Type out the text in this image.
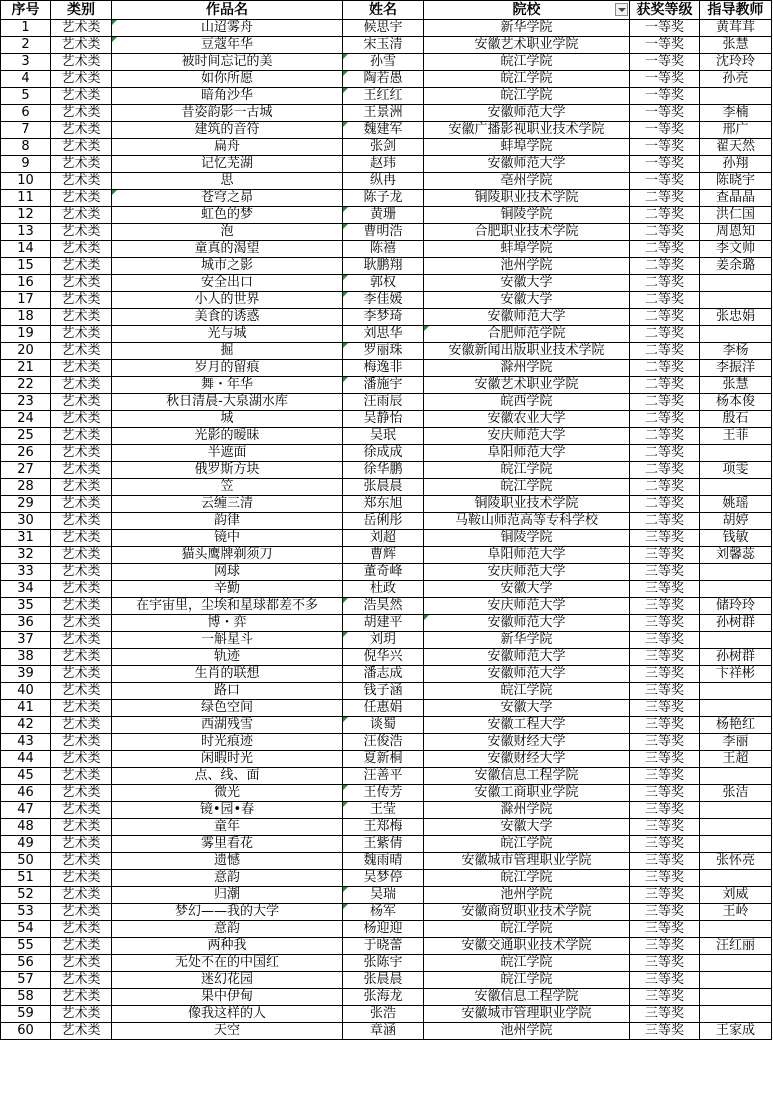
序号	类别	作品名	姓名	院校	获奖等级	指导教师
1	艺术类	山迢雾舟	候思宇	新华学院	一等奖	黄茸茸
2	艺术类	豆蔻年华	宋玉清	安徽艺术职业学院	一等奖	张慧
3	艺术类	被时间忘记的美	孙雪	皖江学院	一等奖	沈玲玲
4	艺术类	如你所愿	陶若愚	皖江学院	一等奖	孙亮
5	艺术类	暗角沙华	王红红	皖江学院	一等奖	
6	艺术类	昔姿韵影一古城	王景洲	安徽师范大学	一等奖	李楠
7	艺术类	建筑的音符	魏建军	安徽广播影视职业技术学院	一等奖	邢广
8	艺术类	扁舟	张剑	蚌埠学院	一等奖	翟天然
9	艺术类	记忆芜湖	赵玮	安徽师范大学	一等奖	孙翔
10	艺术类	思	纵冉	亳州学院	一等奖	陈晓宇
11	艺术类	苍穹之昴	陈子龙	铜陵职业技术学院	二等奖	查晶晶
12	艺术类	虹色的梦	黄珊	铜陵学院	二等奖	洪仁国
13	艺术类	泡	曹明浩	合肥职业技术学院	二等奖	周恩知
14	艺术类	童真的渴望	陈禧	蚌埠学院	二等奖	李文帅
15	艺术类	城市之影	耿鹏翔	池州学院	二等奖	姜余璐
16	艺术类	安全出口	郭权	安徽大学	二等奖	
17	艺术类	小人的世界	李佳媛	安徽大学	二等奖	
18	艺术类	美食的诱惑	李梦琦	安徽师范大学	二等奖	张忠娟
19	艺术类	光与城	刘思华	合肥师范学院	二等奖	
20	艺术类	掘	罗丽珠	安徽新闻出版职业技术学院	二等奖	李杨
21	艺术类	岁月的留痕	梅逸非	滁州学院	二等奖	李振洋
22	艺术类	舞・年华	潘施宇	安徽艺术职业学院	二等奖	张慧
23	艺术类	秋日清晨-大泉湖水库	汪雨辰	皖西学院	二等奖	杨本俊
24	艺术类	城	吴静怡	安徽农业大学	二等奖	殷石
25	艺术类	光影的暧昧	吴珉	安庆师范大学	二等奖	王菲
26	艺术类	半遮面	徐成成	阜阳师范大学	二等奖	
27	艺术类	俄罗斯方块	徐华鹏	皖江学院	二等奖	项雯
28	艺术类	笠	张晨晨	皖江学院	二等奖	
29	艺术类	云缠三清	郑东旭	铜陵职业技术学院	二等奖	姚瑶
30	艺术类	韵律	岳俐彤	马鞍山师范高等专科学校	二等奖	胡婷
31	艺术类	镜中	刘超	铜陵学院	三等奖	钱敏
32	艺术类	猫头鹰牌剃须刀	曹辉	阜阳师范大学	三等奖	刘馨蕊
33	艺术类	网球	董奇峰	安庆师范大学	三等奖	
34	艺术类	辛勤	杜政	安徽大学	三等奖	
35	艺术类	在宇宙里，尘埃和星球都差不多	浩昊然	安庆师范大学	三等奖	储玲玲
36	艺术类	博・弈	胡建平	安徽师范大学	三等奖	孙树群
37	艺术类	一斛星斗	刘玥	新华学院	三等奖	
38	艺术类	轨迹	倪华兴	安徽师范大学	三等奖	孙树群
39	艺术类	生肖的联想	潘志成	安徽师范大学	三等奖	卞祥彬
40	艺术类	路口	钱子涵	皖江学院	三等奖	
41	艺术类	绿色空间	任惠娟	安徽大学	三等奖	
42	艺术类	西湖残雪	谈蜀	安徽工程大学	三等奖	杨艳红
43	艺术类	时光痕迹	汪俊浩	安徽财经大学	三等奖	李丽
44	艺术类	闲暇时光	夏新桐	安徽财经大学	三等奖	王超
45	艺术类	点、线、面	汪善平	安徽信息工程学院	三等奖	
46	艺术类	微光	王传芳	安徽工商职业学院	三等奖	张洁
47	艺术类	镜•园•春	王莹	滁州学院	三等奖	
48	艺术类	童年	王郑梅	安徽大学	三等奖	
49	艺术类	雾里看花	王紫倩	皖江学院	三等奖	
50	艺术类	遗憾	魏雨晴	安徽城市管理职业学院	三等奖	张怀亮
51	艺术类	意韵	吴梦停	皖江学院	三等奖	
52	艺术类	归潮	吴瑞	池州学院	三等奖	刘威
53	艺术类	梦幻——我的大学	杨军	安徽商贸职业技术学院	三等奖	王岭
54	艺术类	意韵	杨迎迎	皖江学院	三等奖	
55	艺术类	两种我	于晓蕾	安徽交通职业技术学院	三等奖	汪红丽
56	艺术类	无处不在的中国红	张陈宇	皖江学院	三等奖	
57	艺术类	迷幻花园	张晨晨	皖江学院	三等奖	
58	艺术类	果中伊甸	张海龙	安徽信息工程学院	三等奖	
59	艺术类	像我这样的人	张浩	安徽城市管理职业学院	三等奖	
60	艺术类	天空	章涵	池州学院	三等奖	王家成
